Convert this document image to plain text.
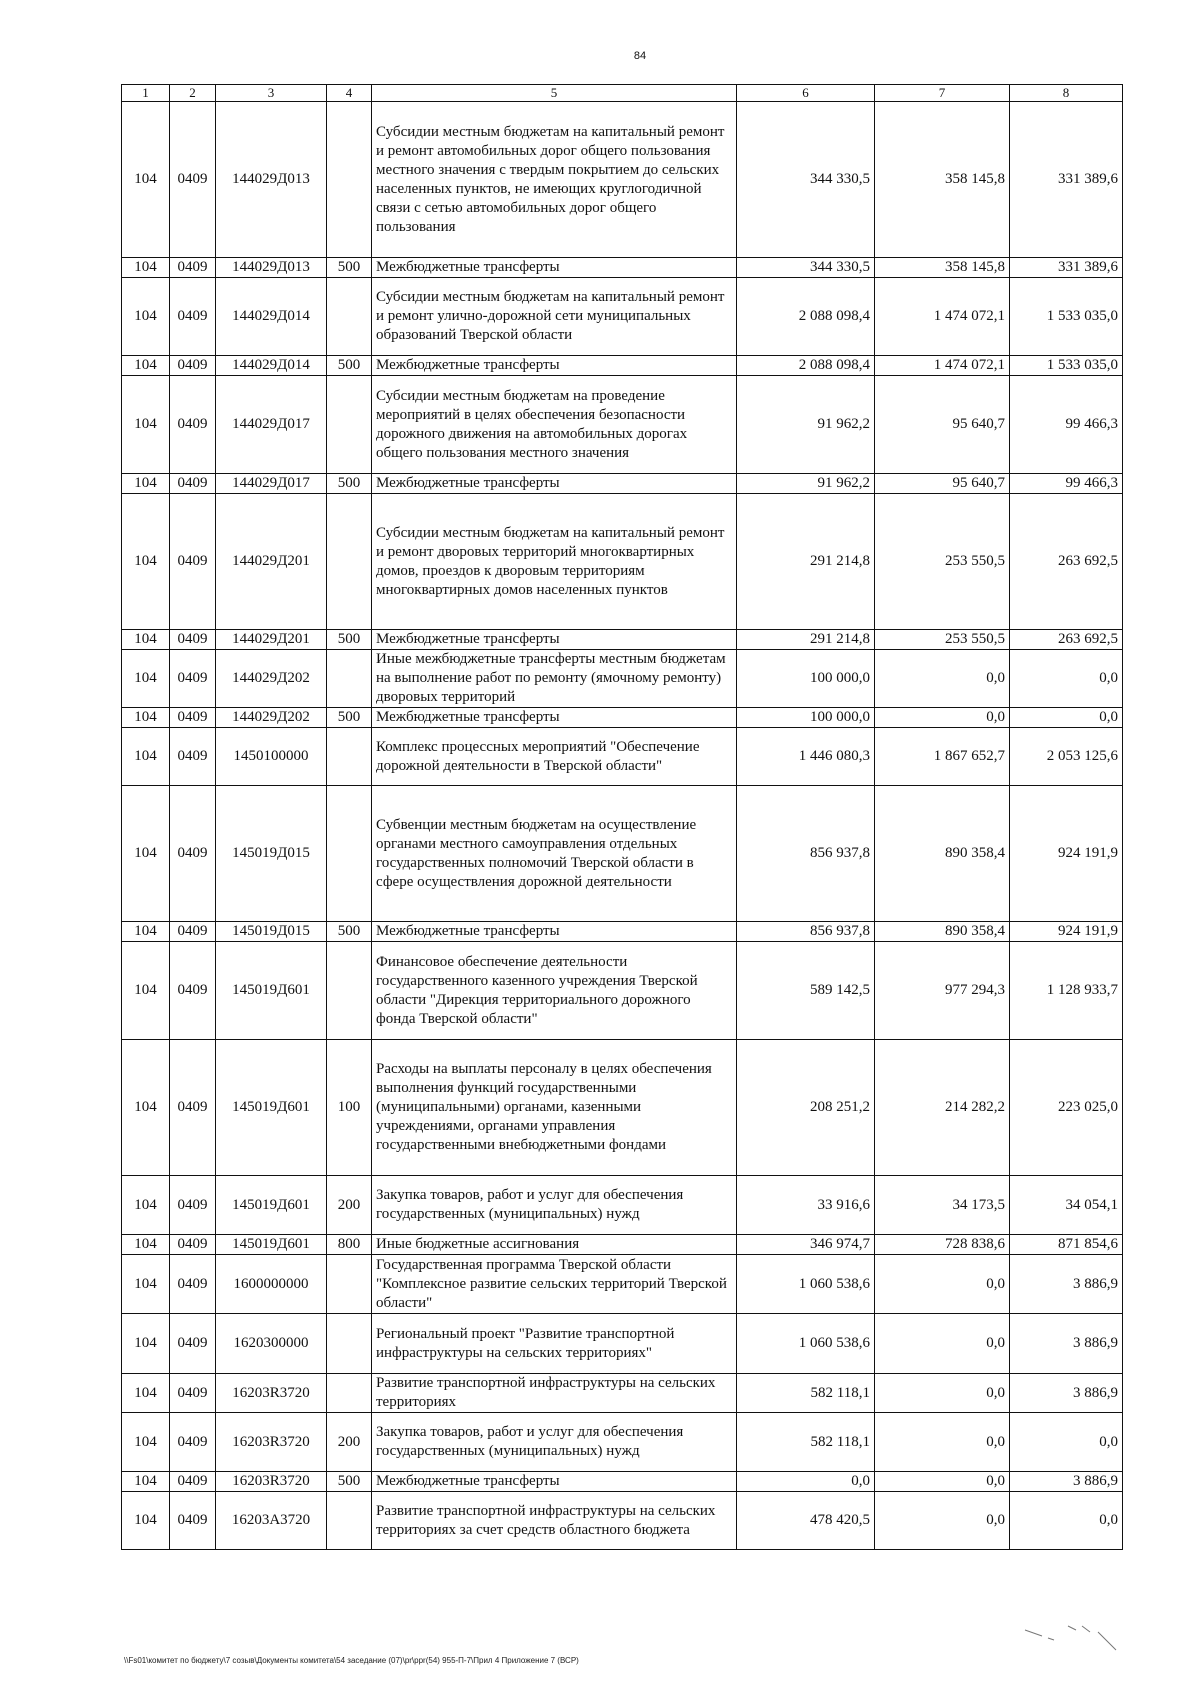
84
1	2	3	4	5	6	7	8
104	0409	144029Д013		Субсидии местным бюджетам на капитальный ремонт и ремонт автомобильных дорог общего пользования местного значения с твердым покрытием до сельских населенных пунктов, не имеющих круглогодичной связи с сетью автомобильных дорог общего пользования	344 330,5	358 145,8	331 389,6
104	0409	144029Д013	500	Межбюджетные трансферты	344 330,5	358 145,8	331 389,6
104	0409	144029Д014		Субсидии местным бюджетам на капитальный ремонт и ремонт улично-дорожной сети муниципальных образований Тверской области	2 088 098,4	1 474 072,1	1 533 035,0
104	0409	144029Д014	500	Межбюджетные трансферты	2 088 098,4	1 474 072,1	1 533 035,0
104	0409	144029Д017		Субсидии местным бюджетам на проведение мероприятий в целях обеспечения безопасности дорожного движения на автомобильных дорогах общего пользования местного значения	91 962,2	95 640,7	99 466,3
104	0409	144029Д017	500	Межбюджетные трансферты	91 962,2	95 640,7	99 466,3
104	0409	144029Д201		Субсидии местным бюджетам на капитальный ремонт и ремонт дворовых территорий многоквартирных домов, проездов к дворовым территориям многоквартирных домов населенных пунктов	291 214,8	253 550,5	263 692,5
104	0409	144029Д201	500	Межбюджетные трансферты	291 214,8	253 550,5	263 692,5
104	0409	144029Д202		Иные межбюджетные трансферты местным бюджетам на выполнение работ по ремонту (ямочному ремонту) дворовых территорий	100 000,0	0,0	0,0
104	0409	144029Д202	500	Межбюджетные трансферты	100 000,0	0,0	0,0
104	0409	1450100000		Комплекс процессных мероприятий "Обеспечение дорожной деятельности в Тверской области"	1 446 080,3	1 867 652,7	2 053 125,6
104	0409	145019Д015		Субвенции местным бюджетам на осуществление органами местного самоуправления отдельных государственных полномочий Тверской области в сфере осуществления дорожной деятельности	856 937,8	890 358,4	924 191,9
104	0409	145019Д015	500	Межбюджетные трансферты	856 937,8	890 358,4	924 191,9
104	0409	145019Д601		Финансовое обеспечение деятельности государственного казенного учреждения Тверской области "Дирекция территориального дорожного фонда Тверской области"	589 142,5	977 294,3	1 128 933,7
104	0409	145019Д601	100	Расходы на выплаты персоналу в целях обеспечения выполнения функций государственными (муниципальными) органами, казенными учреждениями, органами управления государственными внебюджетными фондами	208 251,2	214 282,2	223 025,0
104	0409	145019Д601	200	Закупка товаров, работ и услуг для обеспечения государственных (муниципальных) нужд	33 916,6	34 173,5	34 054,1
104	0409	145019Д601	800	Иные бюджетные ассигнования	346 974,7	728 838,6	871 854,6
104	0409	1600000000		Государственная программа Тверской области "Комплексное развитие сельских территорий Тверской области"	1 060 538,6	0,0	3 886,9
104	0409	1620300000		Региональный проект "Развитие транспортной инфраструктуры на сельских территориях"	1 060 538,6	0,0	3 886,9
104	0409	16203R3720		Развитие транспортной инфраструктуры на сельских территориях	582 118,1	0,0	3 886,9
104	0409	16203R3720	200	Закупка товаров, работ и услуг для обеспечения государственных (муниципальных) нужд	582 118,1	0,0	0,0
104	0409	16203R3720	500	Межбюджетные трансферты	0,0	0,0	3 886,9
104	0409	16203А3720		Развитие транспортной инфраструктуры на сельских территориях за счет средств областного бюджета	478 420,5	0,0	0,0
\\Fs01\комитет по бюджету\7 созыв\Документы комитета\54 заседание (07)\pr\ppr(54) 955-П-7\Прил 4 Приложение 7 (ВСР)
